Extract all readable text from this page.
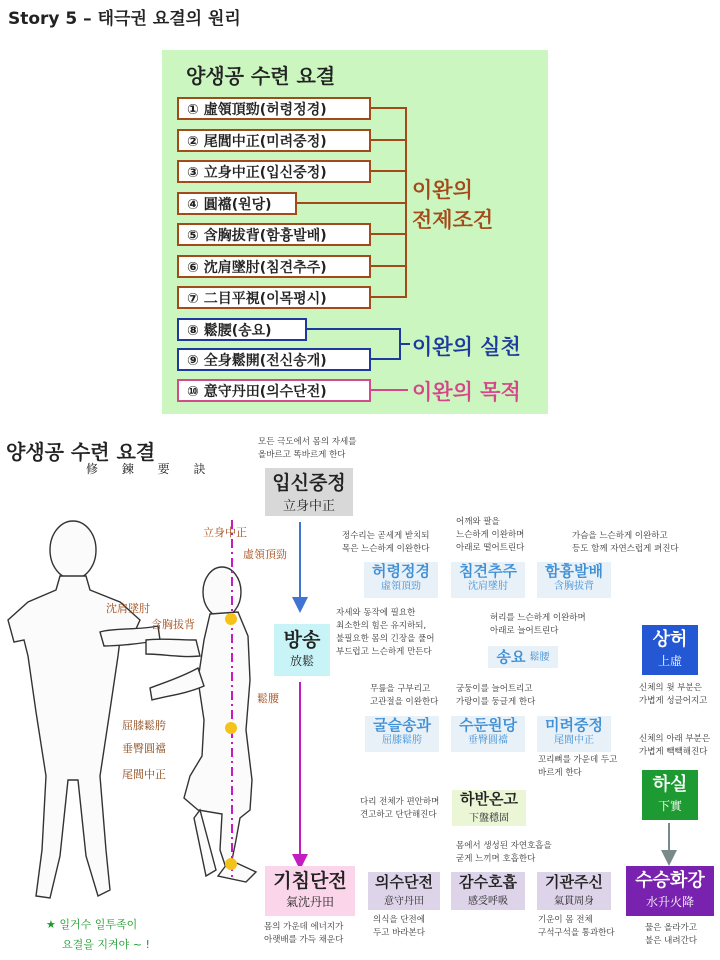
Story 5 – 태극권 요결의 원리
양생공 수련 요결
① 虛領頂勁(허령정경)
② 尾閭中正(미려중정)
③ 立身中正(입신중정)
④ 圓襠(원당)
⑤ 含胸拔背(함흉발배)
⑥ 沈肩墜肘(침견추주)
⑦ 二目平視(이목평시)
⑧ 鬆腰(송요)
⑨ 全身鬆開(전신송개)
⑩ 意守丹田(의수단전)
이완의
전제조건
이완의 실천
이완의 목적
양생공 수련 요결
修 鍊 要 訣
立身中正
虛領頂勁
沈肩墜肘
含胸拔背
鬆腰
屈膝鬆胯
垂臀圓襠
尾閭中正
★ 일거수 일투족이
요결을 지켜야 ~ !
모든 극도에서 몸의 자세를
올바르고 똑바르게 한다
정수리는 곧세게 받치되
목은 느슨하게 이완한다
어깨와 팔을
느슨하게 이완하며
아래로 떨어트린다
가슴을 느슨하게 이완하고
등도 함께 자연스럽게 펴진다
자세와 동작에 필요한
최소한의 힘은 유지하되,
불필요한 몸의 긴장을 풀어
부드럽고 느슨하게 만든다
허리를 느슨하게 이완하며
아래로 늘어트린다
무릎을 구부리고
고관절을 이완한다
궁둥이를 늘어트리고
가랑이를 둥글게 한다
꼬리뼈를 가운데 두고
바르게 한다
신체의 윗 부분은
가볍게 성글어지고
신체의 아래 부분은
가볍게 빽빽해진다
다리 전체가 편안하며
견고하고 단단해진다
몸에서 생성된 자연호흡을
굳게 느끼며 호흡한다
몸의 가운데 에너지가
아랫배를 가득 채운다
의식을 단전에
두고 바라본다
기운이 몸 전체
구석구석을 통과한다	물은 올라가고
불은 내려간다
입신중정
立身中正
허령정경
虛領頂勁
침견추주
沈肩墜肘
함흉발배
含胸拔背
방송
放鬆	송요 鬆腰
상허
上虛
굴슬송과
屈膝鬆胯
수둔원당
垂臀圓襠
미려중정
尾閭中正
하실
下實
하반온고
下盤穩固
기침단전
氣沈丹田
의수단전
意守丹田
감수호흡
感受呼吸
기관주신
氣貫周身
수승화강
水升火降
